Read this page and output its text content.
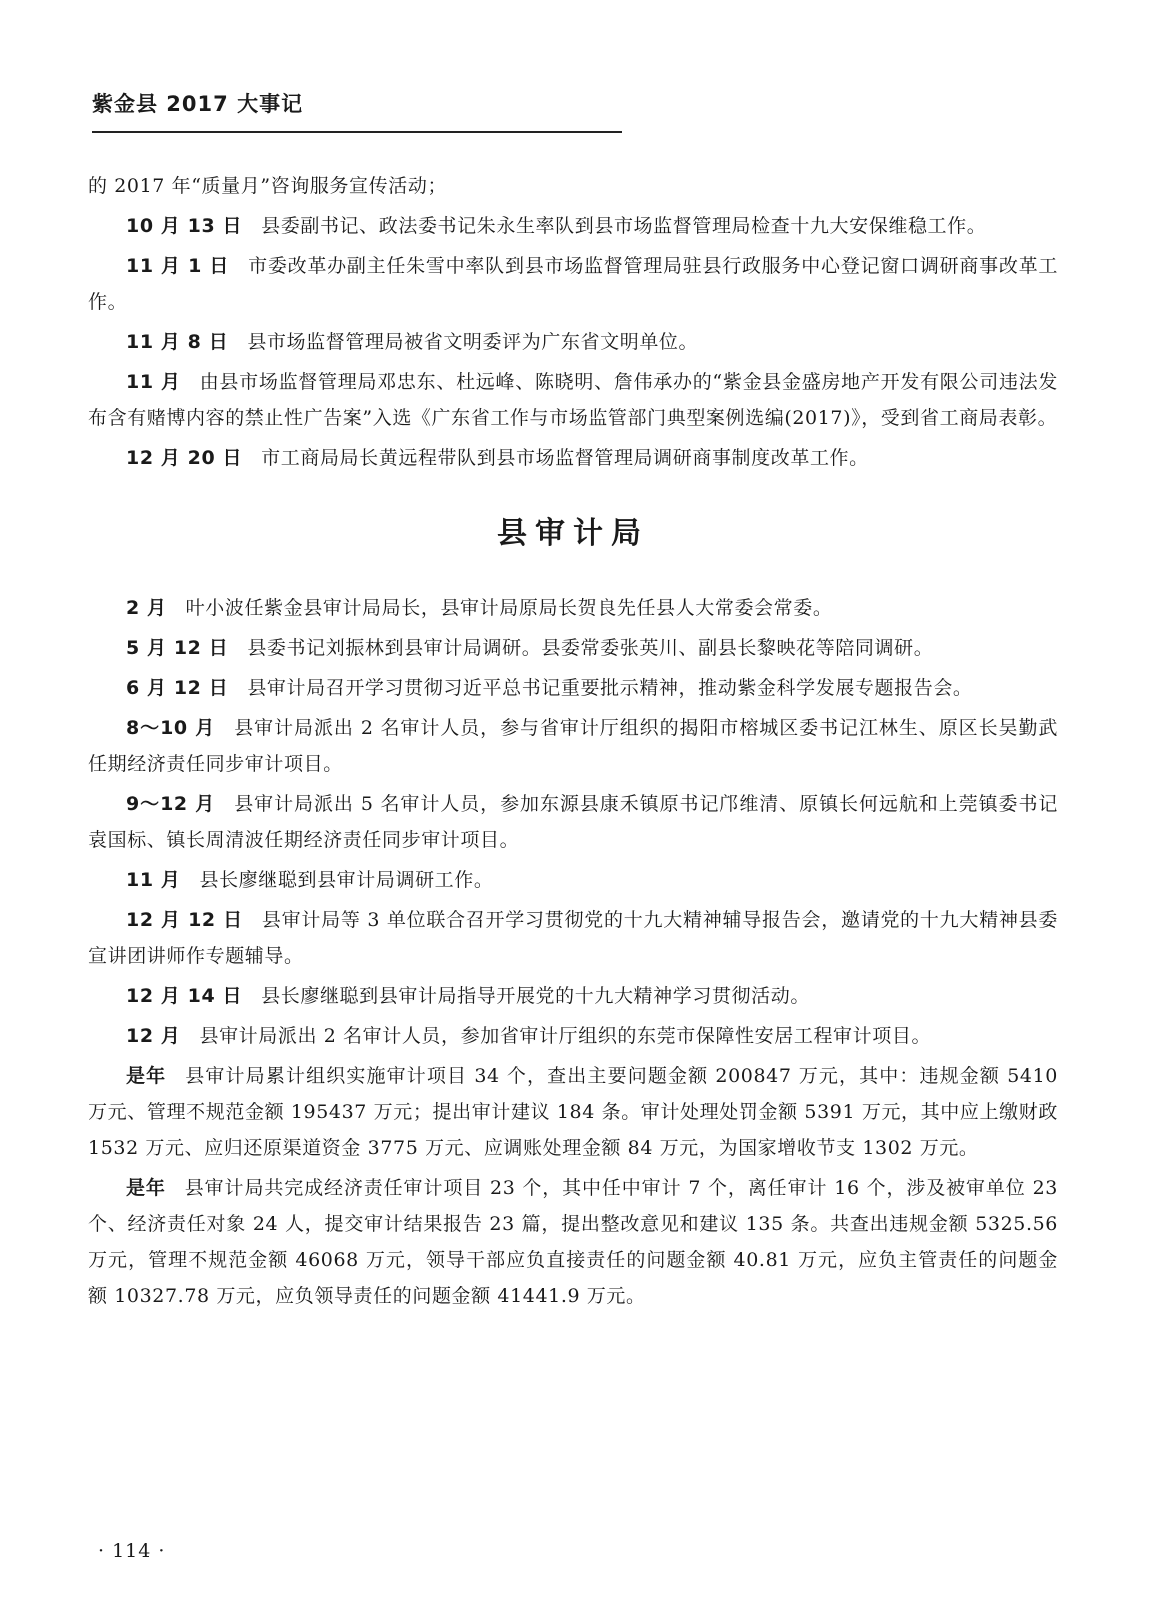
紫金县 2017 大事记

的 2017 年“质量月”咨询服务宣传活动；

10 月 13 日 县委副书记、政法委书记朱永生率队到县市场监督管理局检查十九大安保维稳工作。

11 月 1 日 市委改革办副主任朱雪中率队到县市场监督管理局驻县行政服务中心登记窗口调研商事改革工作。

11 月 8 日 县市场监督管理局被省文明委评为广东省文明单位。

11 月 由县市场监督管理局邓忠东、杜远峰、陈晓明、詹伟承办的“紫金县金盛房地产开发有限公司违法发布含有赌博内容的禁止性广告案”入选《广东省工作与市场监管部门典型案例选编(2017)》，受到省工商局表彰。

12 月 20 日 市工商局局长黄远程带队到县市场监督管理局调研商事制度改革工作。

县审计局

2 月 叶小波任紫金县审计局局长，县审计局原局长贺良先任县人大常委会常委。

5 月 12 日 县委书记刘振林到县审计局调研。县委常委张英川、副县长黎映花等陪同调研。

6 月 12 日 县审计局召开学习贯彻习近平总书记重要批示精神，推动紫金科学发展专题报告会。

8～10 月 县审计局派出 2 名审计人员，参与省审计厅组织的揭阳市榕城区委书记江林生、原区长吴勤武任期经济责任同步审计项目。

9～12 月 县审计局派出 5 名审计人员，参加东源县康禾镇原书记邝维清、原镇长何远航和上莞镇委书记袁国标、镇长周清波任期经济责任同步审计项目。

11 月 县长廖继聪到县审计局调研工作。

12 月 12 日 县审计局等 3 单位联合召开学习贯彻党的十九大精神辅导报告会，邀请党的十九大精神县委宣讲团讲师作专题辅导。

12 月 14 日 县长廖继聪到县审计局指导开展党的十九大精神学习贯彻活动。

12 月 县审计局派出 2 名审计人员，参加省审计厅组织的东莞市保障性安居工程审计项目。

是年 县审计局累计组织实施审计项目 34 个，查出主要问题金额 200847 万元，其中：违规金额 5410 万元、管理不规范金额 195437 万元；提出审计建议 184 条。审计处理处罚金额 5391 万元，其中应上缴财政 1532 万元、应归还原渠道资金 3775 万元、应调账处理金额 84 万元，为国家增收节支 1302 万元。

是年 县审计局共完成经济责任审计项目 23 个，其中任中审计 7 个，离任审计 16 个，涉及被审单位 23 个、经济责任对象 24 人，提交审计结果报告 23 篇，提出整改意见和建议 135 条。共查出违规金额 5325.56 万元，管理不规范金额 46068 万元，领导干部应负直接责任的问题金额 40.81 万元，应负主管责任的问题金额 10327.78 万元，应负领导责任的问题金额 41441.9 万元。

· 114 ·
